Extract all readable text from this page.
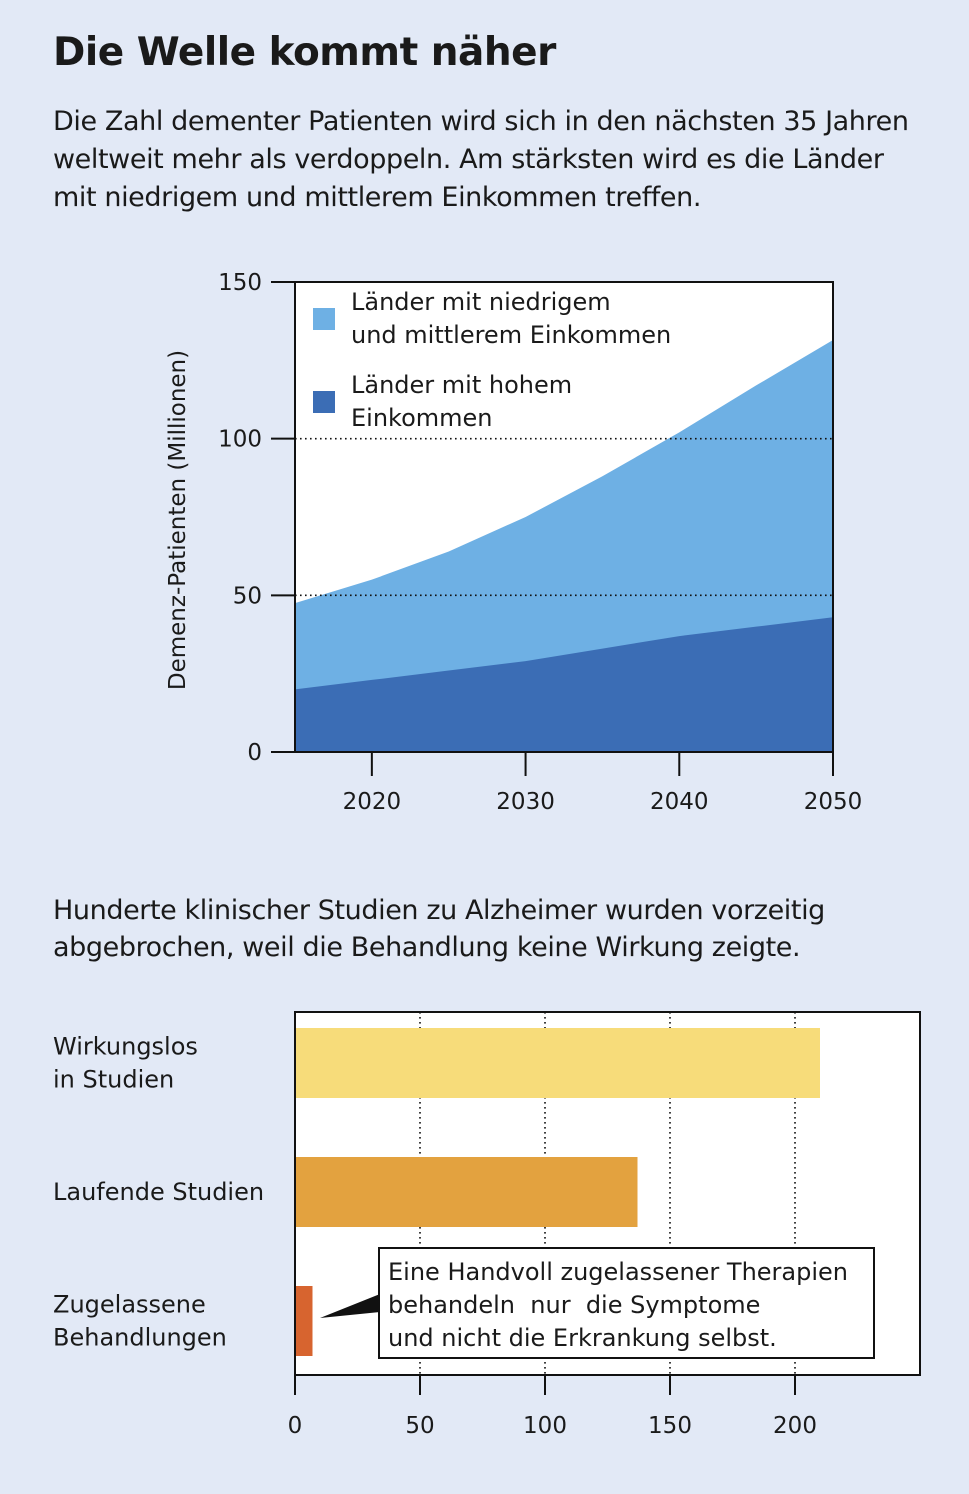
Die Welle kommt näher

Die Zahl dementer Patienten wird sich in den nächsten 35 Jahren weltweit mehr als verdoppeln. Am stärksten wird es die Länder mit niedrigem und mittlerem Einkommen treffen.

Hunderte klinischer Studien zu Alzheimer wurden vorzeitig abgebrochen, weil die Behandlung keine Wirkung zeigte.

0
50
100
150
2020	2030	2040	2050
Demenz-Patienten (Millionen)
Länder mit niedrigem
und mittlerem Einkommen
Länder mit hohem
Einkommen
Wirkungslos
in Studien
Laufende Studien
Zugelassene
Behandlungen
Eine Handvoll zugelassener Therapien
behandeln  nur  die Symptome
und nicht die Erkrankung selbst.
0	50	100	150	200
